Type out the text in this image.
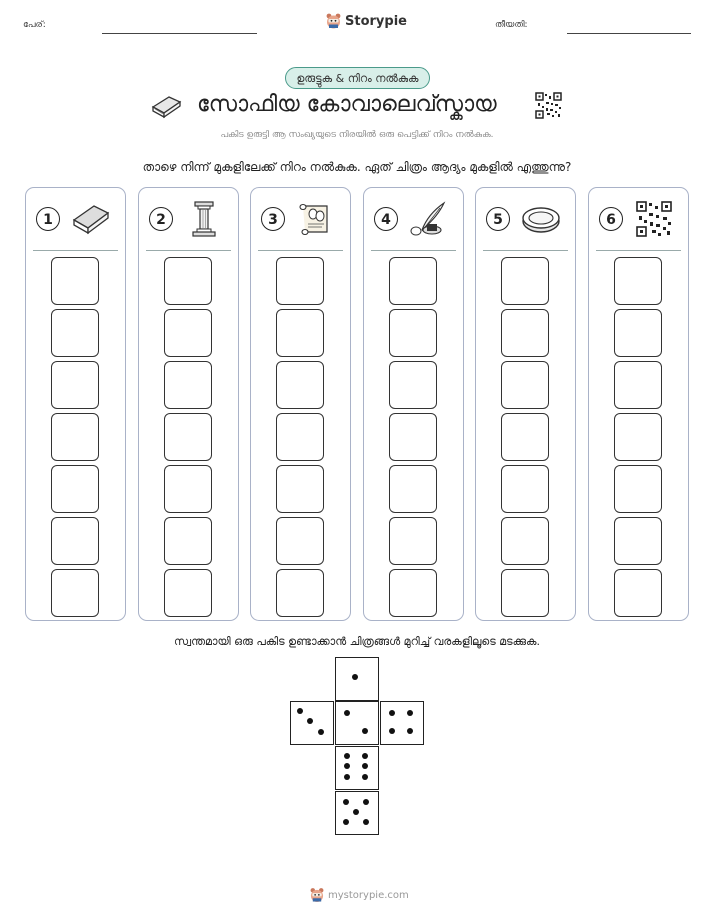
പേര്:	Storypie	തീയതി:
ഉരുട്ടുക & നിറം നൽകുക
സോഫിയ കോവാലെവ്സ്കായ
പകിട ഉരുട്ടി ആ സംഖ്യയുടെ നിരയിൽ ഒരു പെട്ടിക്ക് നിറം നൽകുക.
താഴെ നിന്ന് മുകളിലേക്ക് നിറം നൽകുക. ഏത് ചിത്രം ആദ്യം മുകളിൽ എത്തുന്നു?
1	2	3	4	5	6
സ്വന്തമായി ഒരു പകിട ഉണ്ടാക്കാൻ ചിത്രങ്ങൾ മുറിച്ച് വരകളിലൂടെ മടക്കുക.
mystorypie.com
